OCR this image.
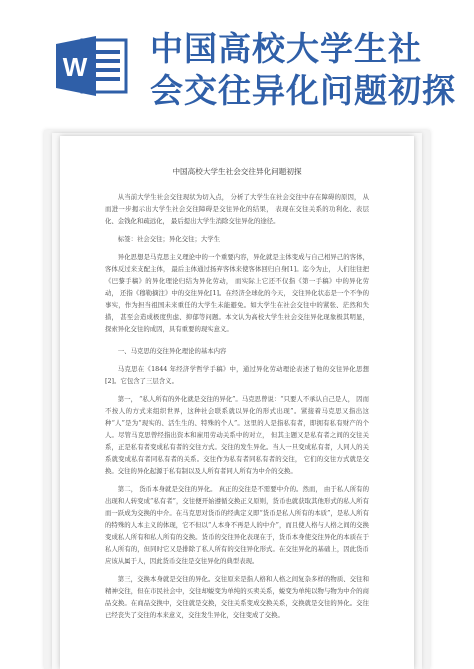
W 中国高校大学生社
会交往异化问题初探
中国高校大学生社会交往异化问题初探

从当前大学生社会交往现状为切入点， 分析了大学生在社会交往中存在障碍的原因， 从而进一步揭示出大学生社会交往障碍是交往异化的结果， 表现在交往关系的功利化、表层化、金钱化和疏远化， 最后提出大学生消除交往异化的途径。

标签：社会交往；异化交往；大学生

异化思想是马克思主义理论中的一个重要内容，异化就是主体变成与自己相异己的客体， 客体反过来支配主体， 最后主体通过扬弃客体来使客体回归自身[1]。迄今为止， 人们往往把《巴黎手稿》的异化理论归结为异化劳动， 而实际上它还不仅指《第一手稿》中的异化劳动， 还指《穆勒摘注》中的交往异化[1]。在经济全球化的今天， 交往异化状态是一个不争的事实，作为担当祖国未来重任的大学生未能避免。如大学生在社会交往中的紧张、茫然和失措， 甚至会造成极度焦虑、抑郁等问题。本文认为高校大学生社会交往异化现象极其明显， 探索异化交往的成因，具有重要的现实意义。

一、马克思的交往异化理论的基本内容

马克思在《1844 年经济学哲学手稿》中，通过异化劳动理论表述了他的交往异化思想[2]。它包含了三层含义。

第一， “私人所有的外化就是交往的异化”。马克思曾说：“只要人不承认自己是人， 因而不按人的方式来组织世界，这种社会联系就以异化的形式出现”。紧接着马克思又指出这种“人”是为“现实的、活生生的、特殊的个人”。这里的人是指私有者，即拥有私有财产的个人。尽管马克思曾经指出资本和雇用劳动关系中的对立， 但其主题又是私有者之间的交往关系，正是私有者变成私有者的交往方式。交往的发生异化。当人一旦变成私有者，人同人的关系就变成私有者同私有者的关系。交往作为私有者同私有者的交往， 它们的交往方式就是交换。交往的异化起源于私有制以及人所有者同人所有为中介的交换。

第二， 货币本身就是交往的异化。 真正的交往是不需要中介的。然而， 由于私人所有的出现和人转变成“私有者”，交往便开始遵循交换正义原则，货币也就获取其他形式的私人所有而一跃成为交换的中介。在马克思对货币的经典定义即“货币是私人所有的本质”，是私人所有的特殊的人本主义的体现，它不但以“人本身不再是人的中介”，而且使人格与人格之间的交换变成私人所有和私人所有的交换。货币的交往异化表现在于，货币本身使交往异化的本质在于私人所有的，但同时它又是排除了私人所有的交往异化形式。在交往异化的基础上，因此货币应该从属于人，因此货币交往是交往异化的典型表现。

第三，交换本身就是交往的异化。交往原来是指人格和人格之间复杂多样的物质、交往和精神交往，但在市民社会中，交往却蜕变为单纯的买卖关系，蜕变为单纯以物与物为中介的商品交换。在商品交换中，交往就是交换，交往关系变成交换关系，交换就是交往的异化。交往已经丧失了交往的本来意义，交往发生异化，交往变成了交换。
